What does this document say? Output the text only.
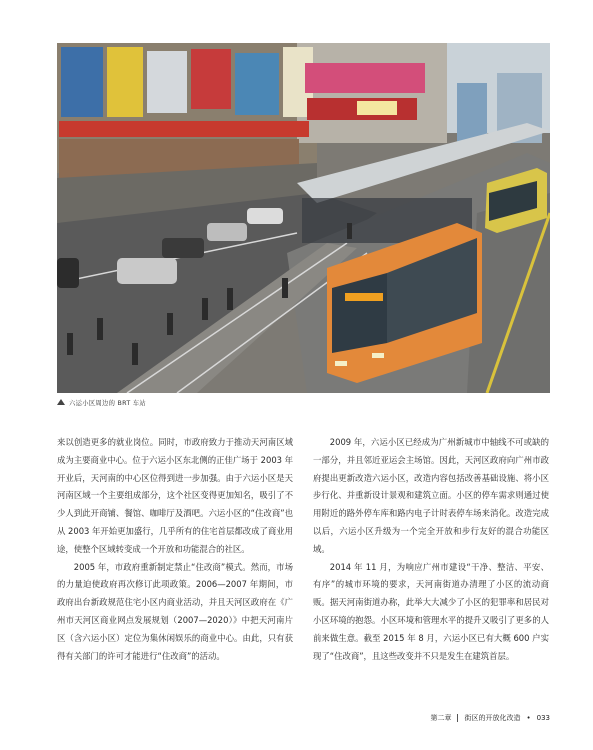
六运小区周边的 BRT 车站

来以创造更多的就业岗位。同时，市政府致力于推动天河南区域成为主要商业中心。位于六运小区东北侧的正佳广场于 2003 年开业后，天河南的中心区位得到进一步加强。由于六运小区是天河南区域一个主要组成部分，这个社区变得更加知名，吸引了不少人到此开商铺、餐馆、咖啡厅及酒吧。六运小区的“住改商”也从 2003 年开始更加盛行，几乎所有的住宅首层都改成了商业用途，使整个区域转变成一个开放和功能混合的社区。

2005 年，市政府重新制定禁止“住改商”模式。然而，市场的力量迫使政府再次修订此项政策。2006—2007 年期间，市政府出台新政规范住宅小区内商业活动，并且天河区政府在《广州市天河区商业网点发展规划（2007—2020）》中把天河南片区（含六运小区）定位为集休闲娱乐的商业中心。由此，只有获得有关部门的许可才能进行“住改商”的活动。

2009 年，六运小区已经成为广州新城市中轴线不可或缺的一部分，并且邻近亚运会主场馆。因此，天河区政府向广州市政府提出更新改造六运小区，改造内容包括改善基础设施、将小区步行化、并重新设计景观和建筑立面。小区的停车需求则通过使用附近的路外停车库和路内电子计时表停车场来消化。改造完成以后，六运小区升级为一个完全开放和步行友好的混合功能区域。

2014 年 11 月，为响应广州市建设“干净、整洁、平安、有序”的城市环境的要求，天河南街道办清理了小区的流动商贩。据天河南街道办称，此举大大减少了小区的犯罪率和居民对小区环境的抱怨。小区环境和管理水平的提升又吸引了更多的人前来做生意。截至 2015 年 8 月，六运小区已有大概 600 户实现了“住改商”，且这些改变并不只是发生在建筑首层。

第二章 街区的开放化改造 • 033
